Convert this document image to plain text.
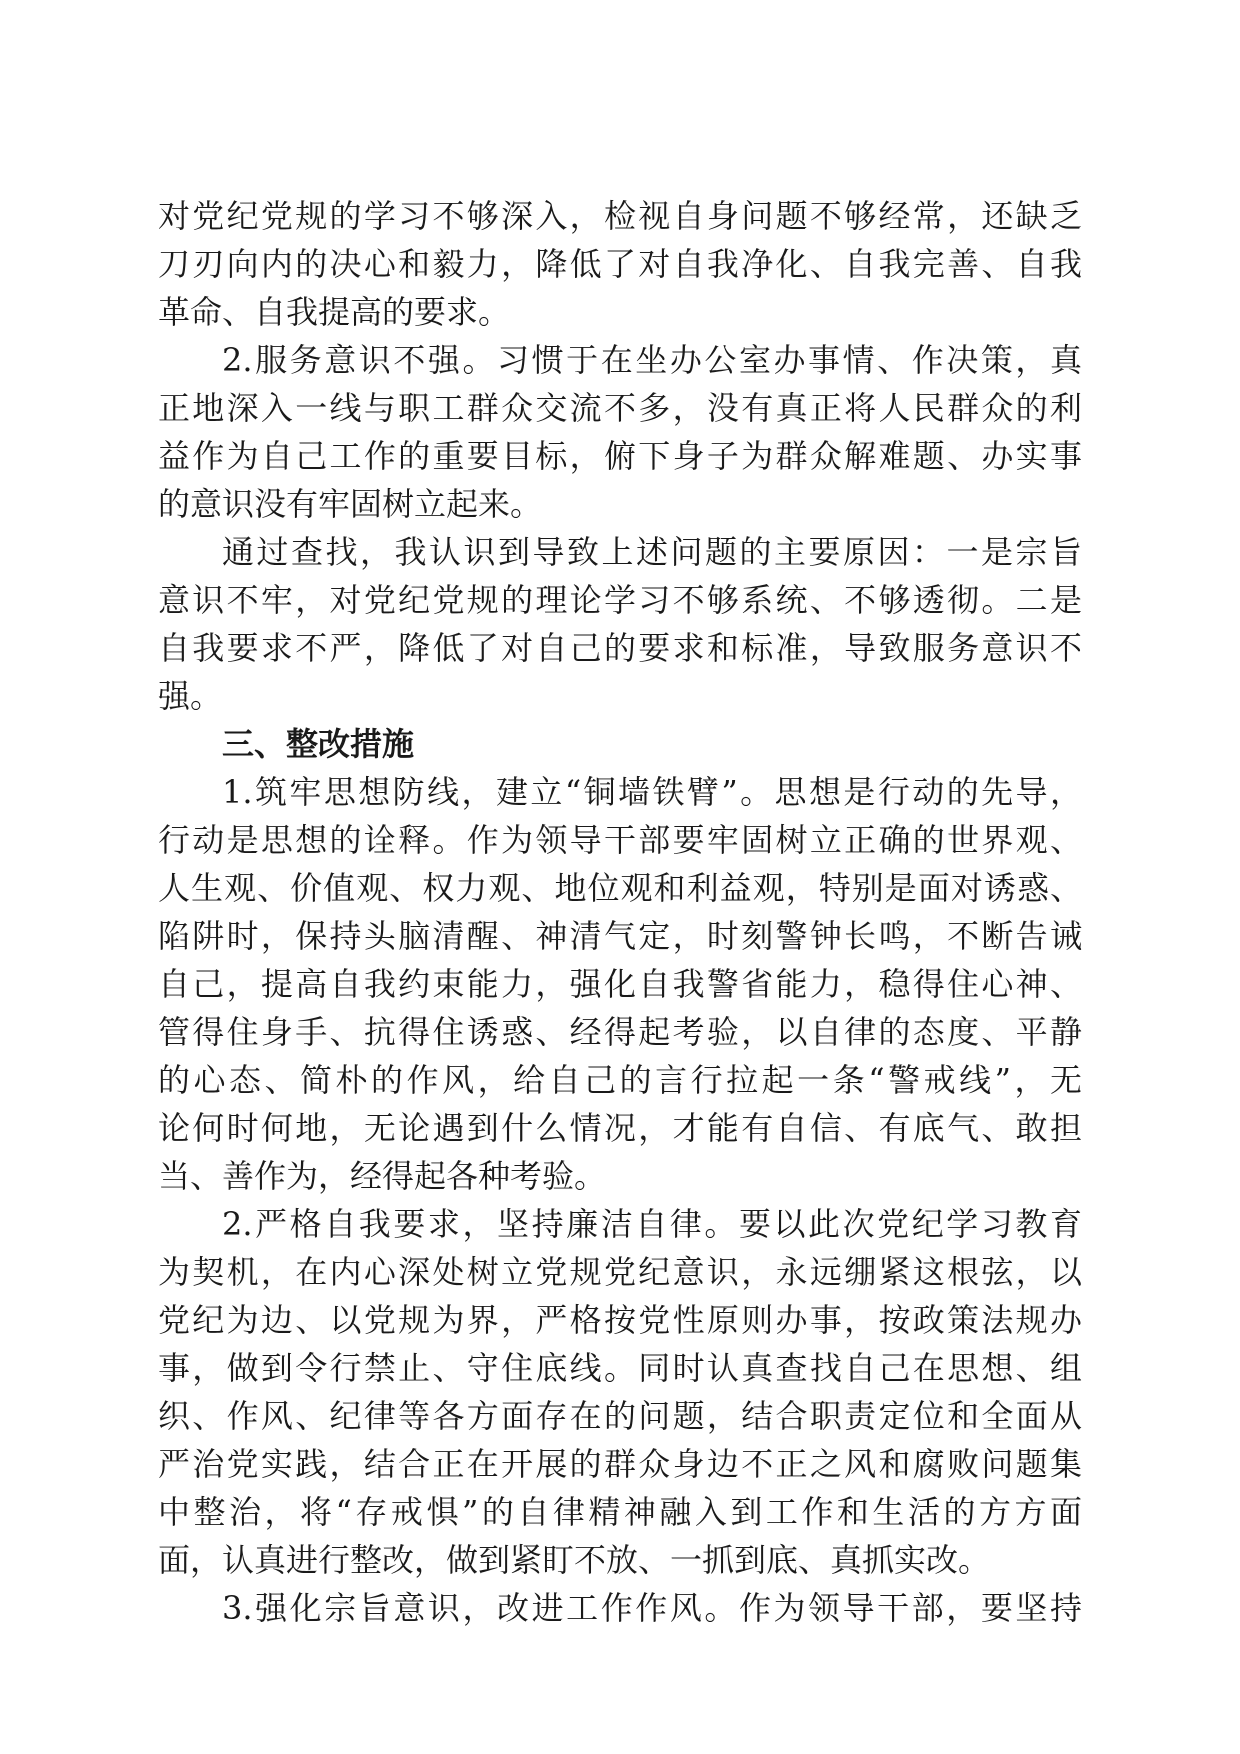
对党纪党规的学习不够深入，检视自身问题不够经常，还缺乏
刀刃向内的决心和毅力，降低了对自我净化、自我完善、自我
革命、自我提高的要求。
2.服务意识不强。习惯于在坐办公室办事情、作决策，真
正地深入一线与职工群众交流不多，没有真正将人民群众的利
益作为自己工作的重要目标，俯下身子为群众解难题、办实事
的意识没有牢固树立起来。
通过查找，我认识到导致上述问题的主要原因：一是宗旨
意识不牢，对党纪党规的理论学习不够系统、不够透彻。二是
自我要求不严，降低了对自己的要求和标准，导致服务意识不
强。
三、整改措施
1.筑牢思想防线，建立“铜墙铁臂”。思想是行动的先导，
行动是思想的诠释。作为领导干部要牢固树立正确的世界观、
人生观、价值观、权力观、地位观和利益观，特别是面对诱惑、
陷阱时，保持头脑清醒、神清气定，时刻警钟长鸣，不断告诫
自己，提高自我约束能力，强化自我警省能力，稳得住心神、
管得住身手、抗得住诱惑、经得起考验，以自律的态度、平静
的心态、简朴的作风，给自己的言行拉起一条“警戒线”，无
论何时何地，无论遇到什么情况，才能有自信、有底气、敢担
当、善作为，经得起各种考验。
2.严格自我要求，坚持廉洁自律。要以此次党纪学习教育
为契机，在内心深处树立党规党纪意识，永远绷紧这根弦，以
党纪为边、以党规为界，严格按党性原则办事，按政策法规办
事，做到令行禁止、守住底线。同时认真查找自己在思想、组
织、作风、纪律等各方面存在的问题，结合职责定位和全面从
严治党实践，结合正在开展的群众身边不正之风和腐败问题集
中整治，将“存戒惧”的自律精神融入到工作和生活的方方面
面，认真进行整改，做到紧盯不放、一抓到底、真抓实改。
3.强化宗旨意识，改进工作作风。作为领导干部，要坚持
